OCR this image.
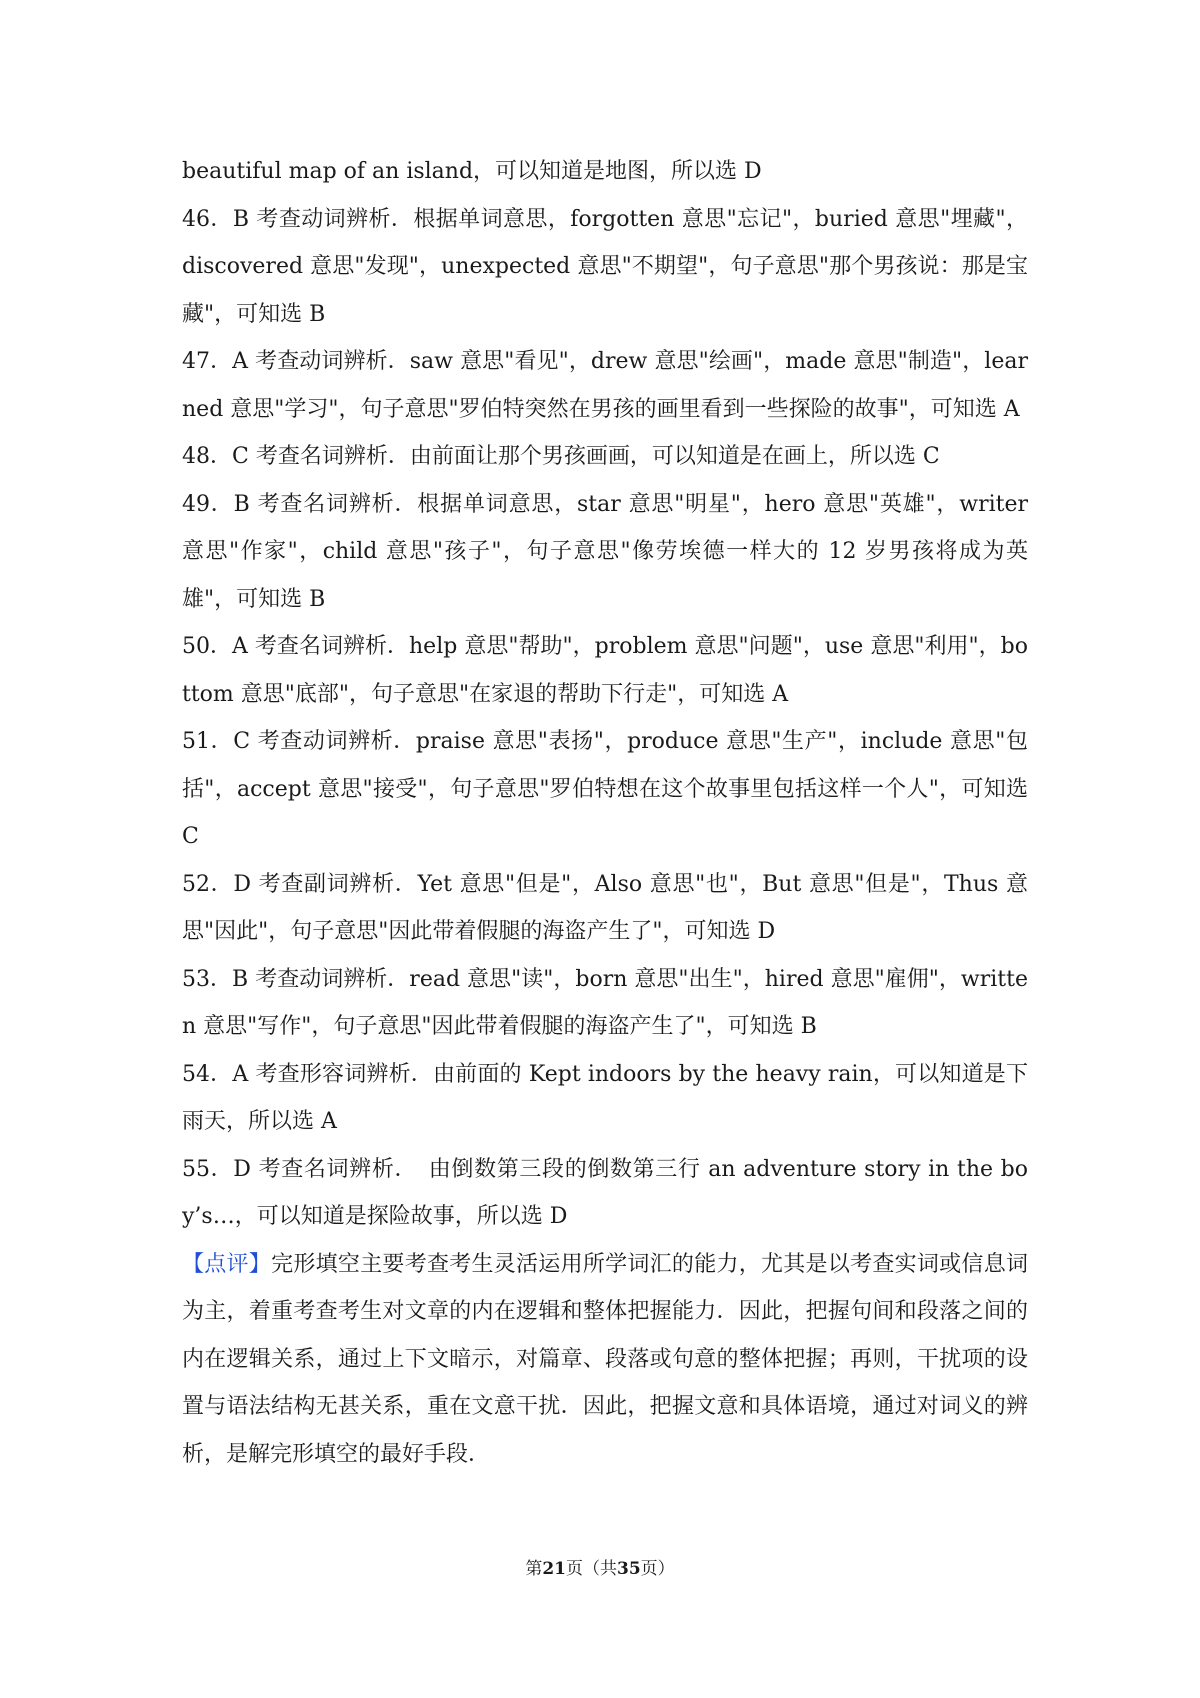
beautiful map of an island，可以知道是地图，所以选 D

46．B 考查动词辨析．根据单词意思，forgotten 意思"忘记"，buried 意思"埋藏"，discovered 意思"发现"，unexpected 意思"不期望"，句子意思"那个男孩说：那是宝藏"，可知选 B

47．A 考查动词辨析．saw 意思"看见"，drew 意思"绘画"，made 意思"制造"，learned 意思"学习"，句子意思"罗伯特突然在男孩的画里看到一些探险的故事"，可知选 A

48．C 考查名词辨析．由前面让那个男孩画画，可以知道是在画上，所以选 C

49．B 考查名词辨析．根据单词意思，star 意思"明星"，hero 意思"英雄"，writer 意思"作家"，child 意思"孩子"，句子意思"像劳埃德一样大的 12 岁男孩将成为英雄"，可知选 B

50．A 考查名词辨析．help 意思"帮助"，problem 意思"问题"，use 意思"利用"，bottom 意思"底部"，句子意思"在家退的帮助下行走"，可知选 A

51．C 考查动词辨析．praise 意思"表扬"，produce 意思"生产"，include 意思"包括"，accept 意思"接受"，句子意思"罗伯特想在这个故事里包括这样一个人"，可知选 C

52．D 考查副词辨析．Yet 意思"但是"，Also 意思"也"，But 意思"但是"，Thus 意思"因此"，句子意思"因此带着假腿的海盗产生了"，可知选 D

53．B 考查动词辨析．read 意思"读"，born 意思"出生"，hired 意思"雇佣"，written 意思"写作"，句子意思"因此带着假腿的海盗产生了"，可知选 B

54．A 考查形容词辨析．由前面的 Kept indoors by the heavy rain，可以知道是下雨天，所以选 A

55．D 考查名词辨析．　由倒数第三段的倒数第三行 an adventure story in the boy’s…，可以知道是探险故事，所以选 D

【点评】完形填空主要考查考生灵活运用所学词汇的能力，尤其是以考查实词或信息词为主，着重考查考生对文章的内在逻辑和整体把握能力．因此，把握句间和段落之间的内在逻辑关系，通过上下文暗示，对篇章、段落或句意的整体把握；再则，干扰项的设置与语法结构无甚关系，重在文意干扰．因此，把握文意和具体语境，通过对词义的辨析，是解完形填空的最好手段．

第21页（共35页）
